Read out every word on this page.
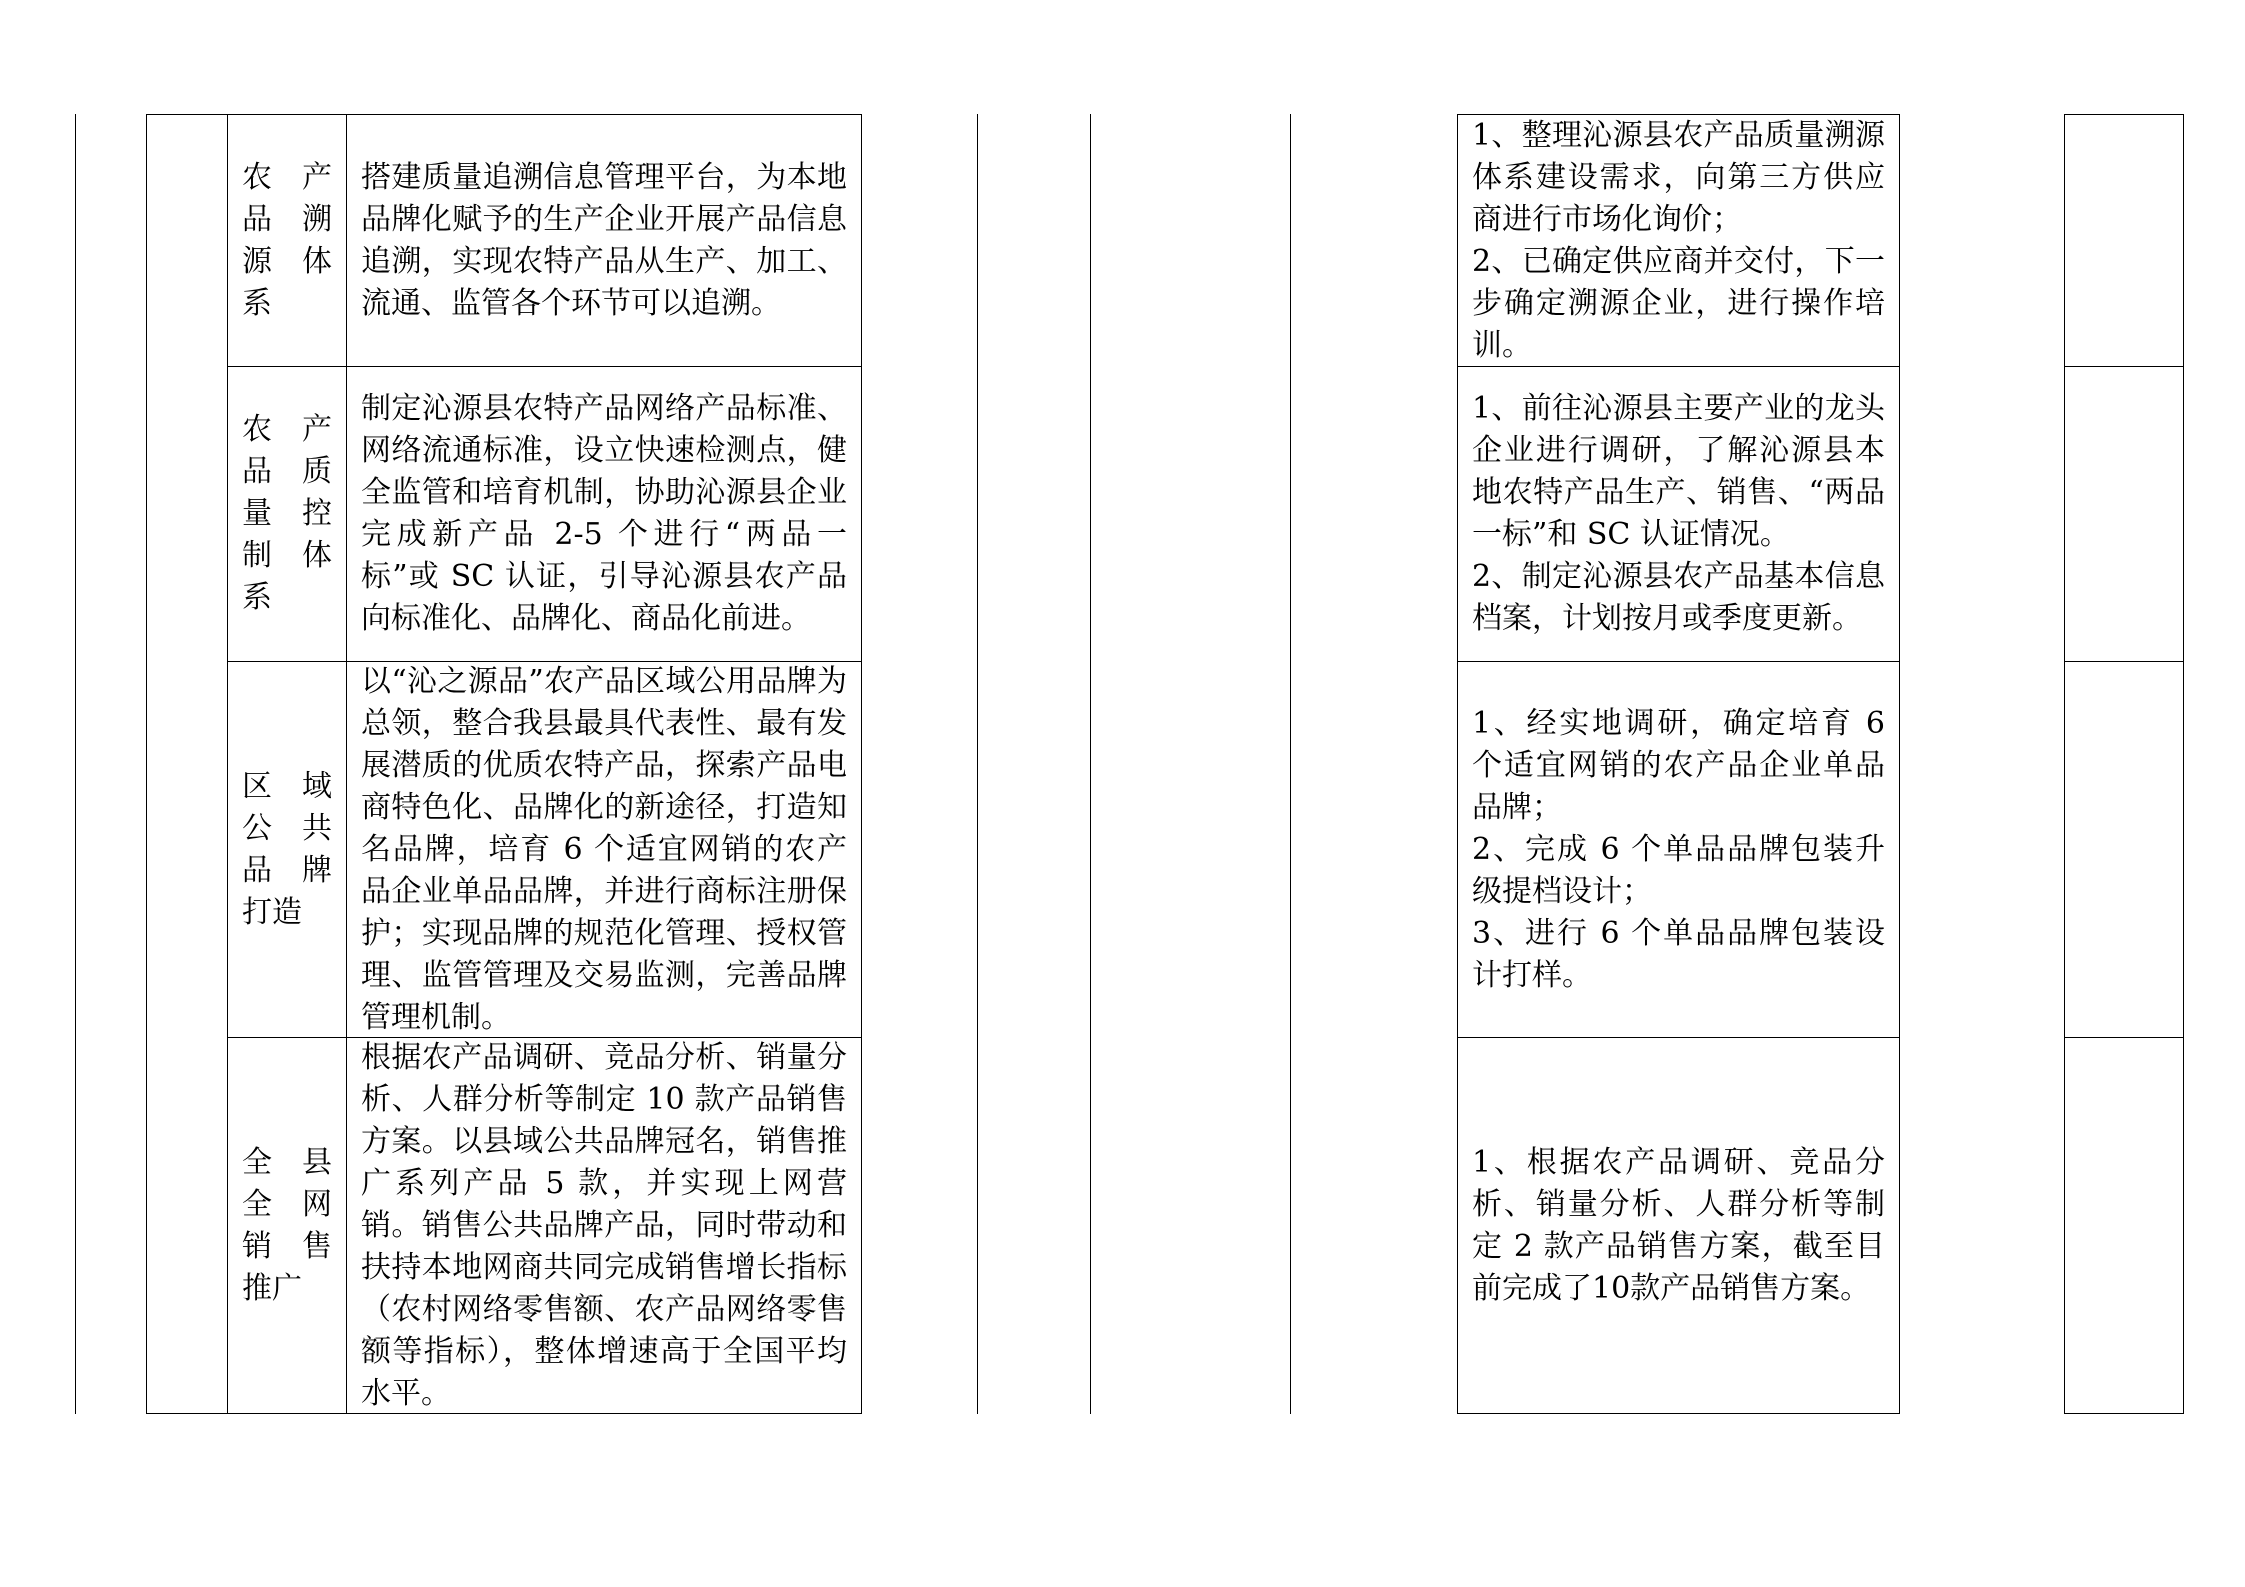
农　产
品　溯
源　体
系
搭建质量追溯信息管理平台，为本地品牌化赋予的生产企业开展产品信息追溯，实现农特产品从生产、加工、流通、监管各个环节可以追溯。

1、整理沁源县农产品质量溯源体系建设需求，向第三方供应商进行市场化询价；

2、已确定供应商并交付，下一步确定溯源企业，进行操作培训。

农　产
品　质
量　控
制　体
系
制定沁源县农特产品网络产品标准、网络流通标准，设立快速检测点，健全监管和培育机制，协助沁源县企业完成新产品 2-5 个进行“两品一标”或 SC 认证，引导沁源县农产品向标准化、品牌化、商品化前进。

1、前往沁源县主要产业的龙头企业进行调研，了解沁源县本地农特产品生产、销售、“两品一标”和 SC 认证情况。

2、制定沁源县农产品基本信息档案，计划按月或季度更新。

区　域
公　共
品　牌
打造
以“沁之源品”农产品区域公用品牌为总领，整合我县最具代表性、最有发展潜质的优质农特产品，探索产品电商特色化、品牌化的新途径，打造知名品牌，培育 6 个适宜网销的农产品企业单品品牌，并进行商标注册保护；实现品牌的规范化管理、授权管理、监管管理及交易监测，完善品牌管理机制。

1、经实地调研，确定培育 6 个适宜网销的农产品企业单品品牌；

2、完成 6 个单品品牌包装升级提档设计；

3、进行 6 个单品品牌包装设计打样。

全　县
全　网
销　售
推广
根据农产品调研、竞品分析、销量分析、人群分析等制定 10 款产品销售方案。以县域公共品牌冠名，销售推广系列产品 5 款，并实现上网营销。销售公共品牌产品，同时带动和扶持本地网商共同完成销售增长指标（农村网络零售额、农产品网络零售额等指标），整体增速高于全国平均水平。

1、根据农产品调研、竞品分析、销量分析、人群分析等制定 2 款产品销售方案，截至目前完成了10款产品销售方案。
